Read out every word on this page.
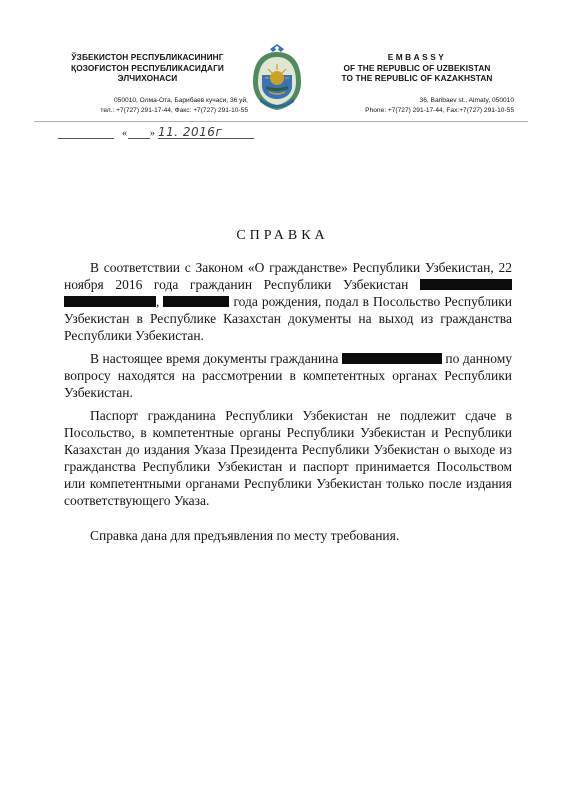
ЎЗБЕКИСТОН РЕСПУБЛИКАСИНИНГ
ҚОЗОҒИСТОН РЕСПУБЛИКАСИДАГИ
ЭЛЧИХОНАСИ
EMBASSY
OF THE REPUBLIC OF UZBEKISTAN
TO THE REPUBLIC OF KAZAKHSTAN
050010, Олма-Ота, Барибаев кучаси, 36 уй,
тел.: +7(727) 291-17-44, Факс: +7(727) 291-10-55
36, Baribaev st., Almaty, 050010
Phone: +7(727) 291-17-44, Fax:+7(727) 291-10-55
« » 11. 2016г
СПРАВКА

В соответствии с Законом «О гражданстве» Республики Узбекистан, 22 ноября 2016 года гражданин Республики Узбекистан  ,	года рождения, подал в Посольство Республики Узбекистан в Республике Казахстан документы на выход из гражданства Республики Узбекистан.

В настоящее время документы гражданина	по данному вопросу находятся на рассмотрении в компетентных органах Республики Узбекистан.

Паспорт гражданина Республики Узбекистан не подлежит сдаче в Посольство, в компетентные органы Республики Узбекистан и Республики Казахстан до издания Указа Президента Республики Узбекистан о выходе из гражданства Республики Узбекистан и паспорт принимается Посольством или компетентными органами Республики Узбекистан только после издания соответствующего Указа.

Справка дана для предъявления по месту требования.
